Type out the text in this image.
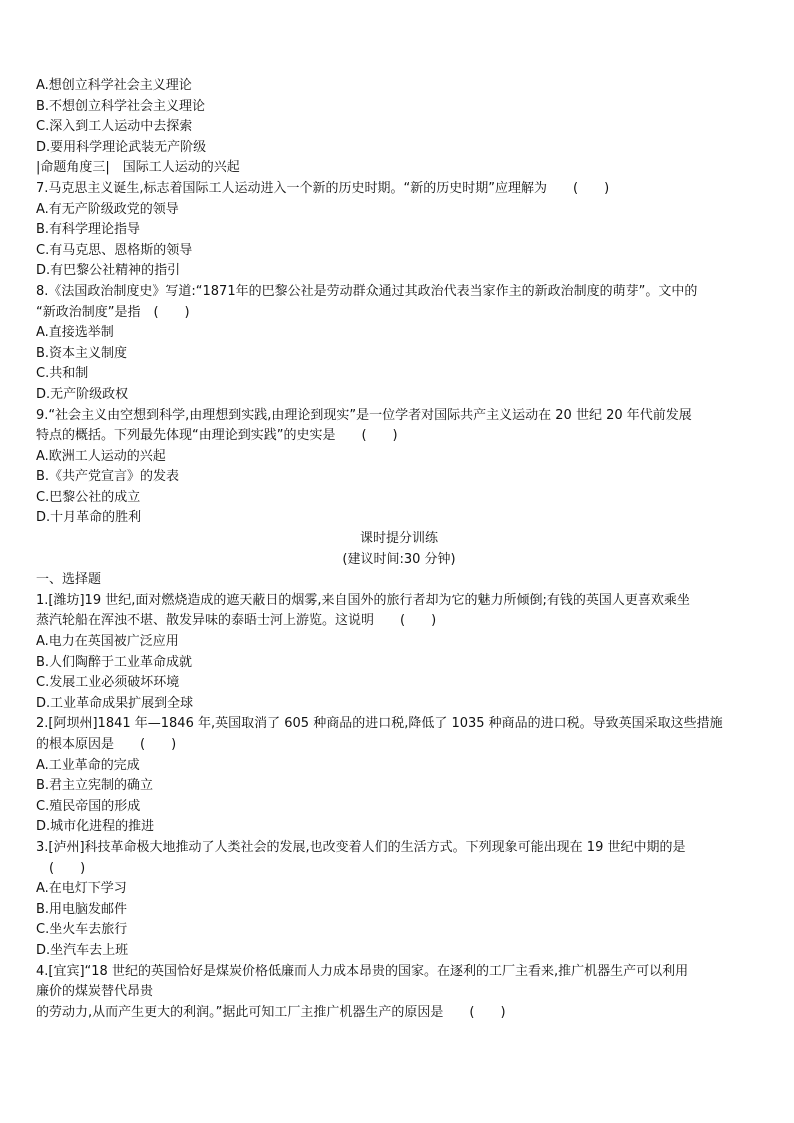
A.想创立科学社会主义理论
B.不想创立科学社会主义理论
C.深入到工人运动中去探索
D.要用科学理论武装无产阶级
|命题角度三|　国际工人运动的兴起
7.马克思主义诞生,标志着国际工人运动进入一个新的历史时期。“新的历史时期”应理解为　　(　　)
A.有无产阶级政党的领导
B.有科学理论指导
C.有马克思、恩格斯的领导
D.有巴黎公社精神的指引
8.《法国政治制度史》写道:“1871年的巴黎公社是劳动群众通过其政治代表当家作主的新政治制度的萌芽”。文中的
“新政治制度”是指　(　　)
A.直接选举制
B.资本主义制度
C.共和制
D.无产阶级政权
9.“社会主义由空想到科学,由理想到实践,由理论到现实”是一位学者对国际共产主义运动在 20 世纪 20 年代前发展
特点的概括。下列最先体现“由理论到实践”的史实是　　(　　)
A.欧洲工人运动的兴起
B.《共产党宣言》的发表
C.巴黎公社的成立
D.十月革命的胜利
课时提分训练
(建议时间:30 分钟)
一、选择题
1.[潍坊]19 世纪,面对燃烧造成的遮天蔽日的烟雾,来自国外的旅行者却为它的魅力所倾倒;有钱的英国人更喜欢乘坐
蒸汽轮船在浑浊不堪、散发异味的泰晤士河上游览。这说明　　(　　)
A.电力在英国被广泛应用
B.人们陶醉于工业革命成就
C.发展工业必须破坏环境
D.工业革命成果扩展到全球
2.[阿坝州]1841 年—1846 年,英国取消了 605 种商品的进口税,降低了 1035 种商品的进口税。导致英国采取这些措施
的根本原因是　　(　　)
A.工业革命的完成
B.君主立宪制的确立
C.殖民帝国的形成
D.城市化进程的推进
3.[泸州]科技革命极大地推动了人类社会的发展,也改变着人们的生活方式。下列现象可能出现在 19 世纪中期的是
　(　　)
A.在电灯下学习
B.用电脑发邮件
C.坐火车去旅行
D.坐汽车去上班
4.[宜宾]“18 世纪的英国恰好是煤炭价格低廉而人力成本昂贵的国家。在逐利的工厂主看来,推广机器生产可以利用
廉价的煤炭替代昂贵
的劳动力,从而产生更大的利润。”据此可知工厂主推广机器生产的原因是　　(　　)
